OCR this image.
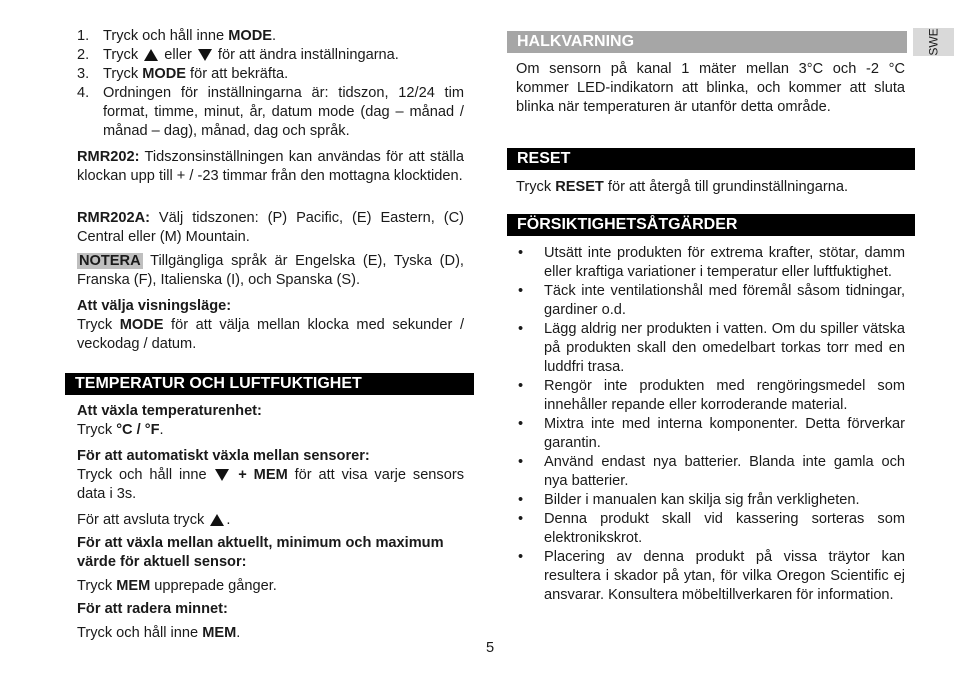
SWE
1. Tryck och håll inne MODE.
2. Tryck  eller  för att ändra inställningarna.
3. Tryck MODE för att bekräfta.
4. Ordningen för inställningarna är: tidszon, 12/24 tim format, timme, minut, år, datum mode (dag – månad / månad – dag), månad, dag och språk.
RMR202: Tidszonsinställningen kan användas för att ställa klockan upp till + / -23 timmar från den mottagna klocktiden.
RMR202A: Välj tidszonen: (P) Pacific, (E) Eastern, (C) Central eller (M) Mountain.
NOTERA Tillgängliga språk är Engelska (E), Tyska (D), Franska (F), Italienska (I), och Spanska (S).
Att välja visningsläge:
Tryck MODE för att välja mellan klocka med sekunder / veckodag / datum.
TEMPERATUR OCH LUFTFUKTIGHET
Att växla temperaturenhet:
Tryck °C / °F.
För att automatiskt växla mellan sensorer:
Tryck och håll inne  + MEM för att visa varje sensors data i 3s.
För att avsluta tryck .
För att växla mellan aktuellt, minimum och maximum värde för aktuell sensor:
Tryck MEM upprepade gånger.
För att radera minnet:
Tryck och håll inne MEM.
HALKVARNING
Om sensorn på kanal 1 mäter mellan 3°C och -2 °C kommer LED-indikatorn att blinka, och kommer att sluta blinka när temperaturen är utanför detta område.
RESET
Tryck RESET för att återgå till grundinställningarna.
FÖRSIKTIGHETSÅTGÄRDER
• Utsätt inte produkten för extrema krafter, stötar, damm eller kraftiga variationer i temperatur eller luftfuktighet.
• Täck inte ventilationshål med föremål såsom tidningar, gardiner o.d.
• Lägg aldrig ner produkten i vatten. Om du spiller vätska på produkten skall den omedelbart torkas torr med en luddfri trasa.
• Rengör inte produkten med rengöringsmedel som innehåller repande eller korroderande material.
• Mixtra inte med interna komponenter. Detta förverkar garantin.
• Använd endast nya batterier. Blanda inte gamla och nya batterier.
• Bilder i manualen kan skilja sig från verkligheten.
• Denna produkt skall vid kassering sorteras som elektronikskrot.
• Placering av denna produkt på vissa träytor kan resultera i skador på ytan, för vilka Oregon Scientific ej ansvarar. Konsultera möbeltillverkaren för information.
5
